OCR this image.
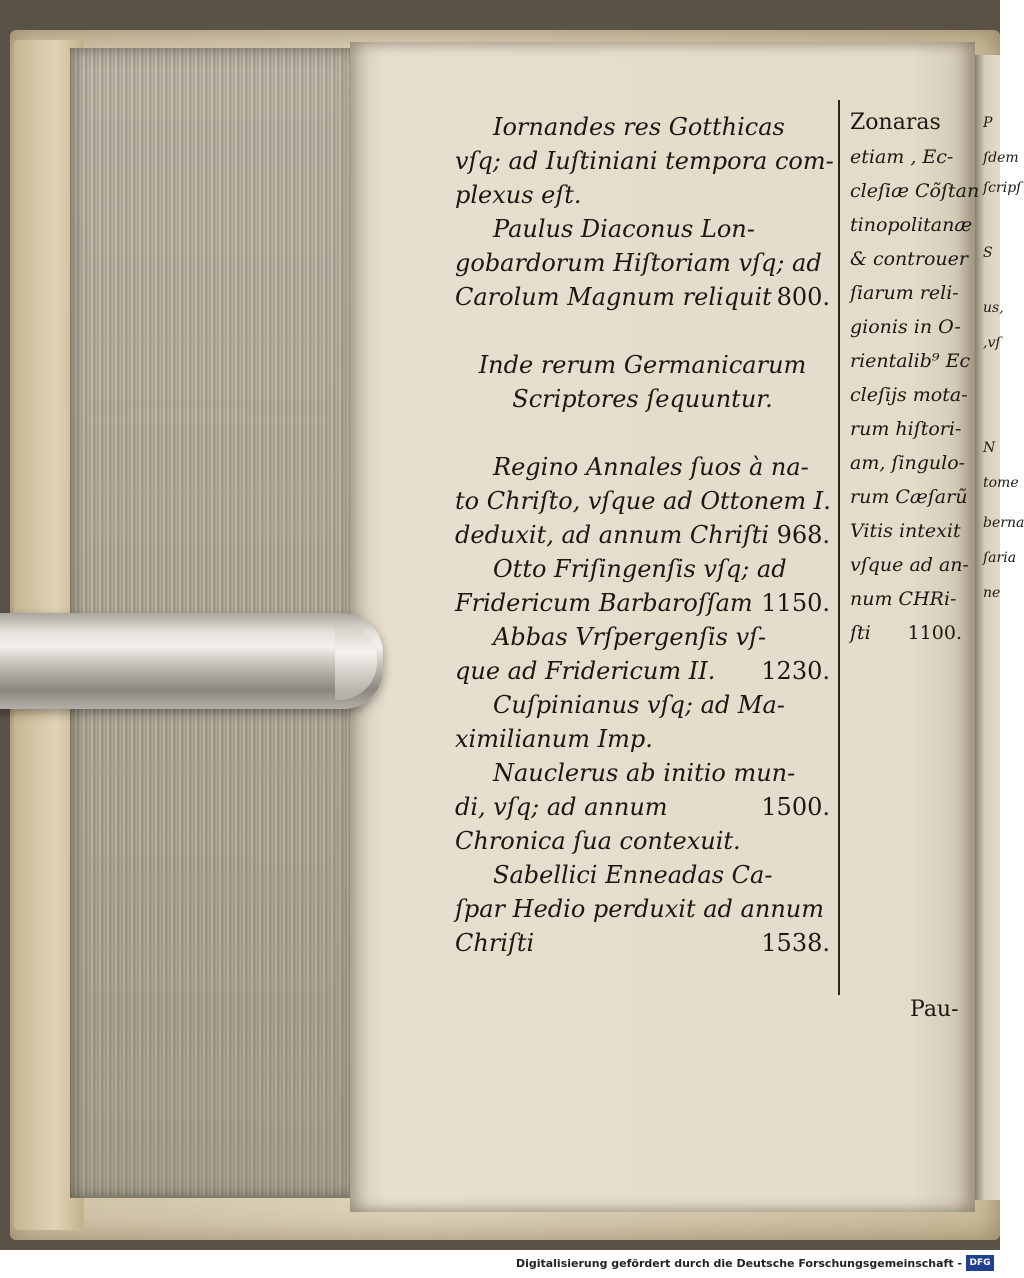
P
ſdem
ſcripſ
S
us,
,vſ
N
tome
berna
ſaria
ne
Iornandes res Gotthicas
vſq; ad Iuſtiniani tempora com-
plexus eſt.
Paulus Diaconus Lon-
gobardorum Hiſtoriam vſq; ad
Carolum Magnum reliquit 800.
Inde rerum Germanicarum
Scriptores ſequuntur.
Regino Annales ſuos à na-
to Chriſto, vſque ad Ottonem I.
deduxit, ad annum Chriſti 968.
Otto Friſingenſis vſq; ad
Fridericum Barbaroſſam 1150.
Abbas Vrſpergenſis vſ-
que ad Fridericum II. 1230.
Cuſpinianus vſq; ad Ma-
ximilianum Imp.
Nauclerus ab initio mun-
di, vſq; ad annum	1500.
Chronica ſua contexuit.
Sabellici Enneadas Ca-
ſpar Hedio perduxit ad annum
Chriſti	1538.
Zonaras
etiam , Ec-
cleſiæ Cõſtan
tinopolitanæ
& controuer
ſiarum reli-
gionis in O-
rientalib⁹ Ec
cleſijs mota-
rum hiſtori-
am, ſingulo-
rum Cæſarũ
Vitis intexit
vſque ad an-
num CHRi-
ſti 1100.
Pau-
Digitalisierung gefördert durch die Deutsche Forschungsgemeinschaft - DFG
